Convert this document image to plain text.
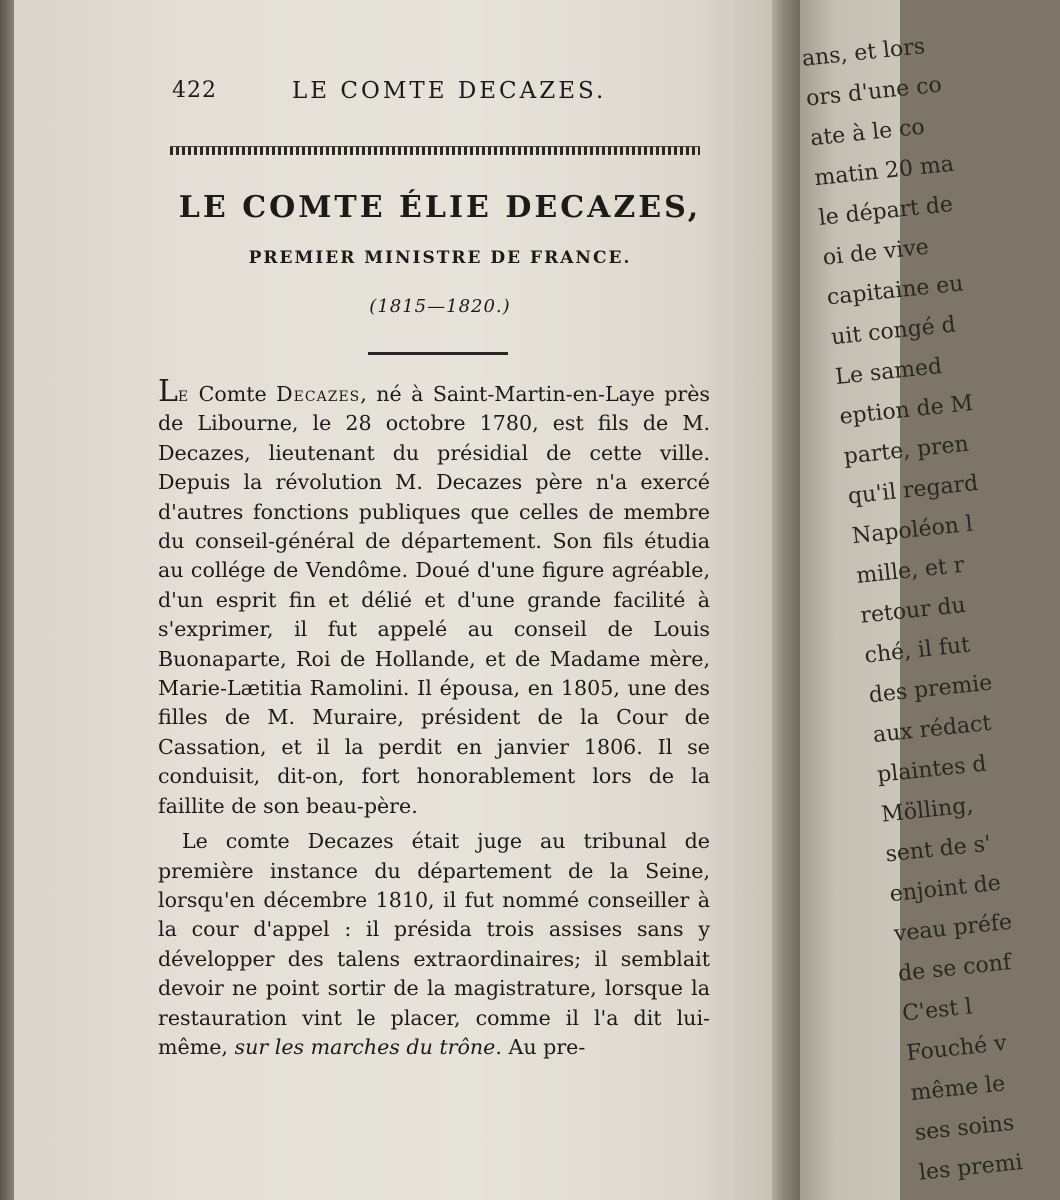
422	LE COMTE DECAZES.
LE COMTE ÉLIE DECAZES,
PREMIER MINISTRE DE FRANCE.
(1815—1820.)

Le Comte Decazes, né à Saint-Martin-en-Laye près de Libourne, le 28 octobre 1780, est fils de M. Decazes, lieutenant du présidial de cette ville. Depuis la révolution M. Decazes père n'a exercé d'autres fonctions publiques que celles de membre du conseil-général de département. Son fils étudia au collége de Vendôme. Doué d'une figure agréable, d'un esprit fin et délié et d'une grande facilité à s'exprimer, il fut appelé au conseil de Louis Buonaparte, Roi de Hollande, et de Madame mère, Marie-Lætitia Ramolini. Il épousa, en 1805, une des filles de M. Muraire, président de la Cour de Cassation, et il la perdit en janvier 1806. Il se conduisit, dit-on, fort honorablement lors de la faillite de son beau-père.

Le comte Decazes était juge au tribunal de première instance du département de la Seine, lorsqu'en décembre 1810, il fut nommé conseiller à la cour d'appel : il présida trois assises sans y développer des talens extraordinaires; il semblait devoir ne point sortir de la magistrature, lorsque la restauration vint le placer, comme il l'a dit lui-même, sur les marches du trône. Au pre-

ans, et lors
ors d'une co
ate à le co
matin 20 ma
le départ de
oi de vive
capitaine eu
uit congé d
Le samed
eption de M
parte, pren
qu'il regard
Napoléon l
mille, et r
retour du
ché, il fut
des premie
aux rédact
plaintes d
Mölling,
sent de s'
enjoint de
veau préfe
de se conf
C'est l
Fouché v
même le
ses soins
les premi
